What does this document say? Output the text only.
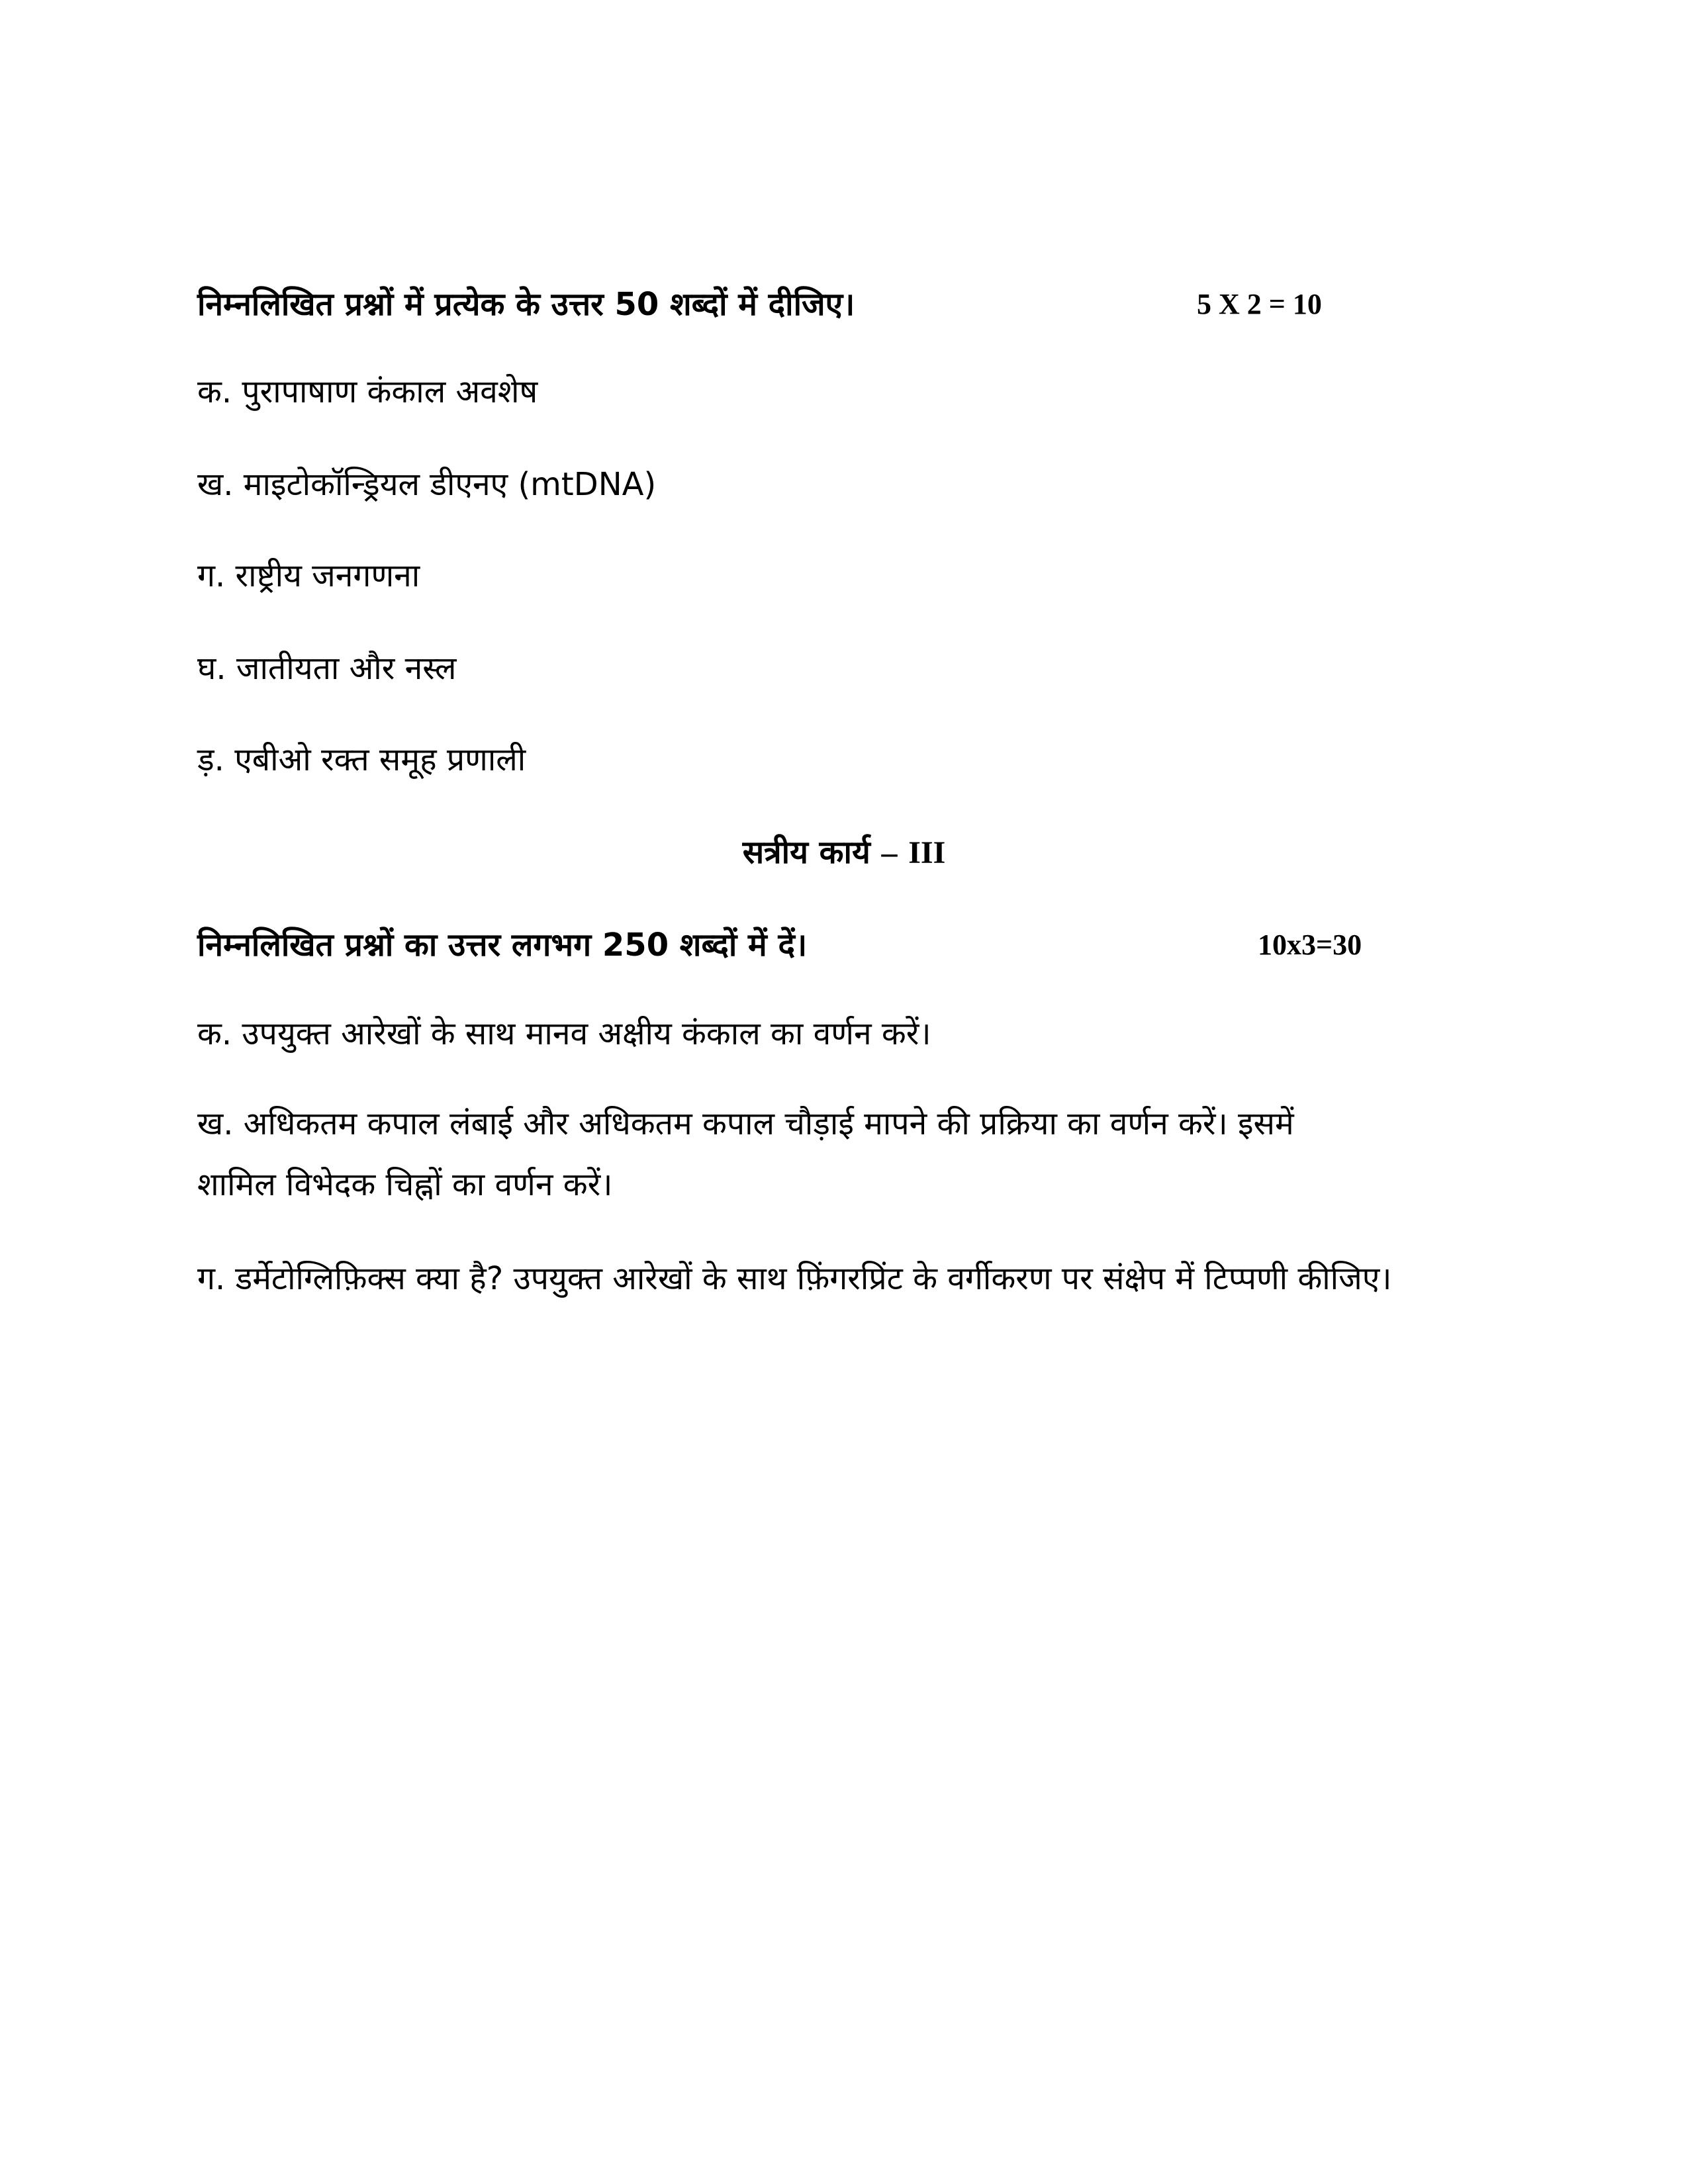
निम्नलिखित प्रश्नों में प्रत्येक के उत्तर 50 शब्दों में दीजिए।	5 X 2 = 10
क. पुरापाषाण कंकाल अवशेष
ख. माइटोकॉन्ड्रियल डीएनए (mtDNA)
ग. राष्ट्रीय जनगणना
घ. जातीयता और नस्ल
ड़. एबीओ रक्त समूह प्रणाली
सत्रीय कार्य – III
निम्नलिखित प्रश्नों का उत्तर लगभग 250 शब्दों में दें।	10x3=30
क. उपयुक्त आरेखों के साथ मानव अक्षीय कंकाल का वर्णन करें।
ख. अधिकतम कपाल लंबाई और अधिकतम कपाल चौड़ाई मापने की प्रक्रिया का वर्णन करें। इसमें
शामिल विभेदक चिह्नों का वर्णन करें।
ग. डर्मेटोग्लिफ़िक्स क्या है? उपयुक्त आरेखों के साथ फ़िंगरप्रिंट के वर्गीकरण पर संक्षेप में टिप्पणी कीजिए।
